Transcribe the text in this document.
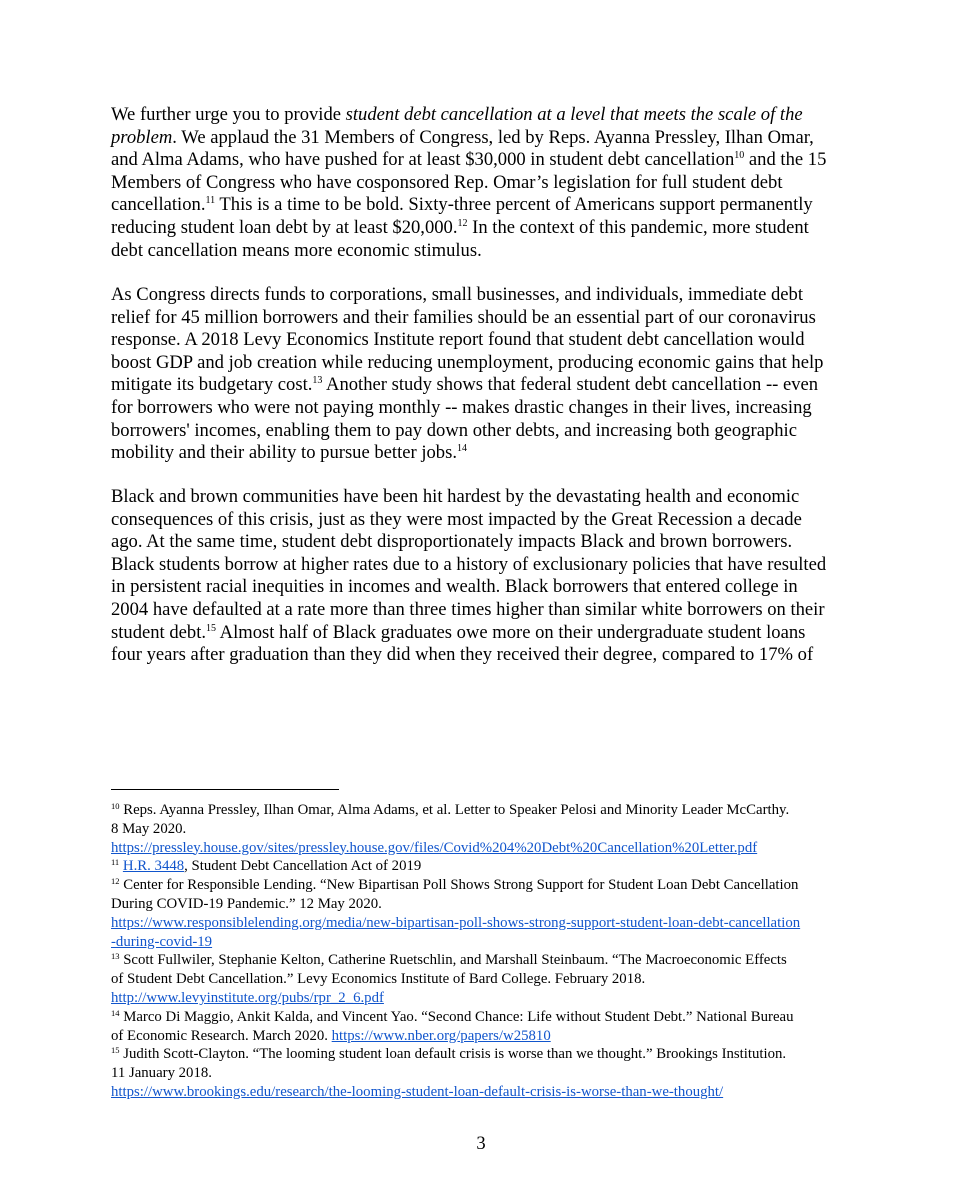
We further urge you to provide student debt cancellation at a level that meets the scale of the
problem. We applaud the 31 Members of Congress, led by Reps. Ayanna Pressley, Ilhan Omar,
and Alma Adams, who have pushed for at least $30,000 in student debt cancellation$^{10}$ and the 15
Members of Congress who have cosponsored Rep. Omar’s legislation for full student debt
cancellation.$^{11}$ This is a time to be bold. Sixty-three percent of Americans support permanently
reducing student loan debt by at least $20,000.12 In the context of this pandemic, more student
debt cancellation means more economic stimulus.
As Congress directs funds to corporations, small businesses, and individuals, immediate debt
relief for 45 million borrowers and their families should be an essential part of our coronavirus
response. A 2018 Levy Economics Institute report found that student debt cancellation would
boost GDP and job creation while reducing unemployment, producing economic gains that help
mitigate its budgetary cost.$^{13}$ Another study shows that federal student debt cancellation -- even
for borrowers who were not paying monthly -- makes drastic changes in their lives, increasing
borrowers' incomes, enabling them to pay down other debts, and increasing both geographic
mobility and their ability to pursue better jobs.$^{14}$
Black and brown communities have been hit hardest by the devastating health and economic
consequences of this crisis, just as they were most impacted by the Great Recession a decade
ago. At the same time, student debt disproportionately impacts Black and brown borrowers.
Black students borrow at higher rates due to a history of exclusionary policies that have resulted
in persistent racial inequities in incomes and wealth. Black borrowers that entered college in
2004 have defaulted at a rate more than three times higher than similar white borrowers on their
student debt.$^{15}$ Almost half of Black graduates owe more on their undergraduate student loans
four years after graduation than they did when they received their degree, compared to 17% of
$^{10}$ Reps. Ayanna Pressley, Ilhan Omar, Alma Adams, et al. Letter to Speaker Pelosi and Minority Leader McCarthy.
8 May 2020.
https://pressley.house.gov/sites/pressley.house.gov/files/Covid%204%20Debt%20Cancellation%20Letter.pdf
$^{11}$ H.R. 3448, Student Debt Cancellation Act of 2019
$^{12}$ Center for Responsible Lending. “New Bipartisan Poll Shows Strong Support for Student Loan Debt Cancellation
During COVID-19 Pandemic.” 12 May 2020.
https://www.responsiblelending.org/media/new-bipartisan-poll-shows-strong-support-student-loan-debt-cancellation
-during-covid-19
$^{13}$ Scott Fullwiler, Stephanie Kelton, Catherine Ruetschlin, and Marshall Steinbaum. “The Macroeconomic Effects
of Student Debt Cancellation.” Levy Economics Institute of Bard College. February 2018.
http://www.levyinstitute.org/pubs/rpr_2_6.pdf
$^{14}$ Marco Di Maggio, Ankit Kalda, and Vincent Yao. “Second Chance: Life without Student Debt.” National Bureau
of Economic Research. March 2020. https://www.nber.org/papers/w25810
$^{15}$ Judith Scott-Clayton. “The looming student loan default crisis is worse than we thought.” Brookings Institution.
11 January 2018.
https://www.brookings.edu/research/the-looming-student-loan-default-crisis-is-worse-than-we-thought/
3
